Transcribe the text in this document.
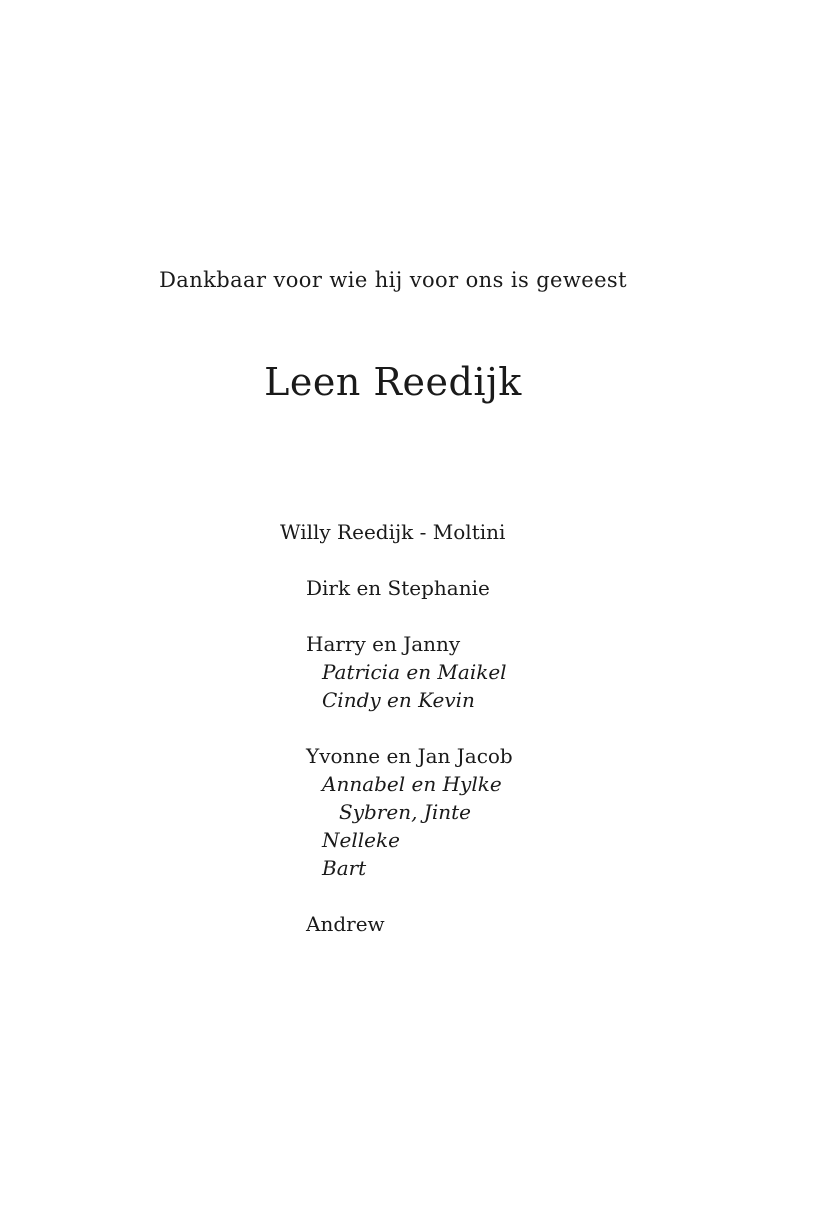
Dankbaar voor wie hij voor ons is geweest
Leen Reedijk
Willy Reedijk - Moltini
Dirk en Stephanie
Harry en Janny
Patricia en Maikel
Cindy en Kevin
Yvonne en Jan Jacob
Annabel en Hylke
Sybren, Jinte
Nelleke
Bart
Andrew
